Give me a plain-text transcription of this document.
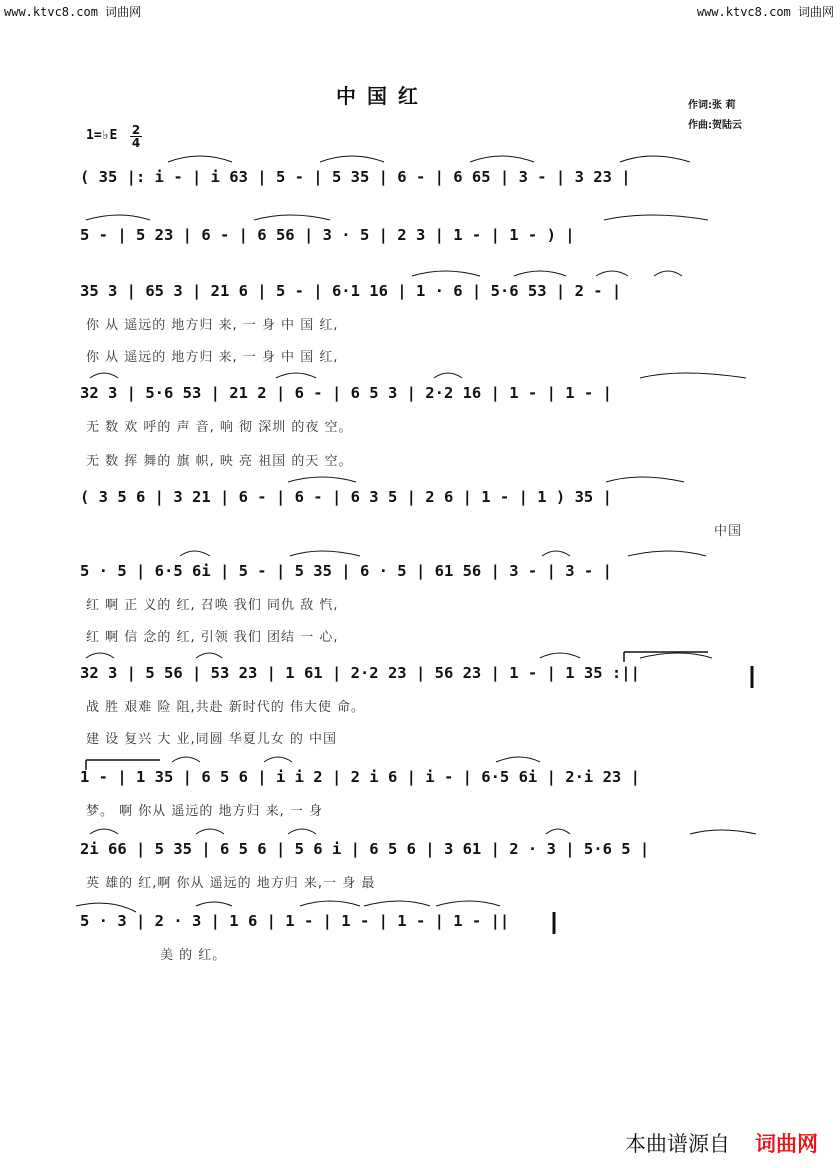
www.ktvc8.com 词曲网	www.ktvc8.com 词曲网
中 国 红	作词:张 莉
作曲:贺陆云
1=♭E $\frac{2}{4}$
( 35 |: i - | i 63 | 5 - | 5 35 | 6 - | 6 65 | 3 - | 3 23 |
5 - | 5 23 | 6 - | 6 56 | 3 · 5 | 2 3 | 1 - | 1 - ) |
35 3 | 65 3 | 21 6 | 5 - | 6·1 16 | 1 · 6 | 5·6 53 | 2 - |
你 从 遥远的 地方归 来, 一 身 中 国 红,
你 从 遥远的 地方归 来, 一 身 中 国 红,
32 3 | 5·6 53 | 21 2 | 6 - | 6 5 3 | 2·2 16 | 1 - | 1 - |
无 数 欢 呼的 声 音, 响 彻 深圳 的夜 空。
无 数 挥 舞的 旗 帜, 映 亮 祖国 的天 空。
( 3 5 6 | 3 21 | 6 - | 6 - | 6 3 5 | 2 6 | 1 - | 1 ) 35 |
中国
5 · 5 | 6·5 6i | 5 - | 5 35 | 6 · 5 | 61 56 | 3 - | 3 - |
红 啊 正 义的 红, 召唤 我们 同仇 敌 忾,
红 啊 信 念的 红, 引领 我们 团结 一 心,
32 3 | 5 56 | 53 23 | 1 61 | 2·2 23 | 56 23 | 1 - | 1 35 :||
战 胜 艰难 险 阻,共赴 新时代的 伟大使 命。
建 设 复兴 大 业,同圆 华夏儿女 的 中国
1 - | 1 35 | 6 5 6 | i i 2 | 2 i 6 | i - | 6·5 6i | 2·i 23 |
梦。 啊 你从 遥远的 地方归 来, 一 身
2i 66 | 5 35 | 6 5 6 | 5 6 i | 6 5 6 | 3 61 | 2 · 3 | 5·6 5 |
英 雄的 红,啊 你从 遥远的 地方归 来,一 身 最
5 · 3 | 2 · 3 | 1 6 | 1 - | 1 - | 1 - | 1 - ||
美 的 红。
本曲谱源自 词曲网
